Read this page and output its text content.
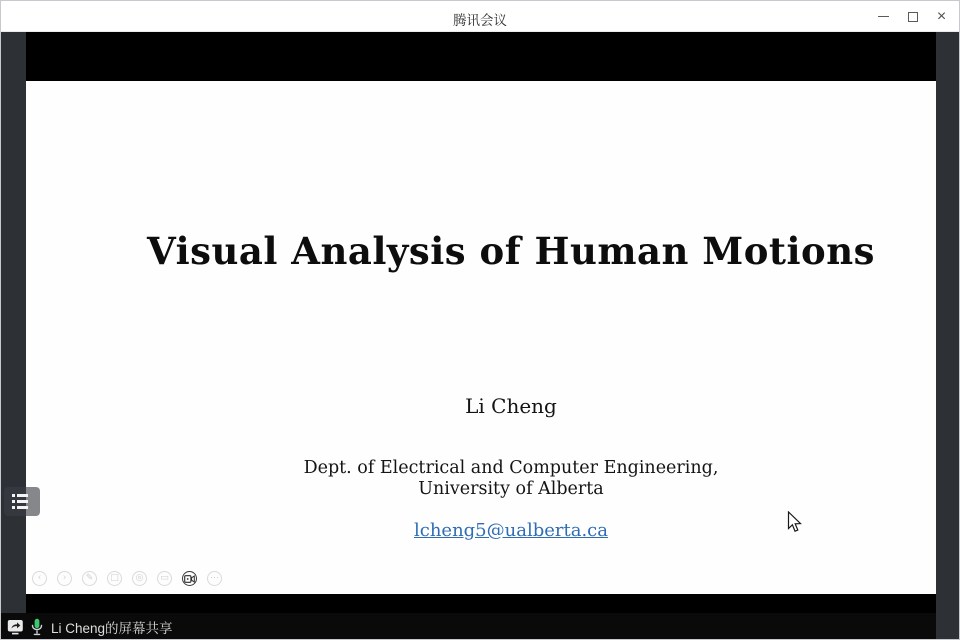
Visual Analysis of Human Motions
Li Cheng
Dept. of Electrical and Computer Engineering,
University of Alberta
lcheng5@ualberta.ca
‹ › ✎ □ ◎ ▭	⋯
腾讯会议	×
Li Cheng的屏幕共享
